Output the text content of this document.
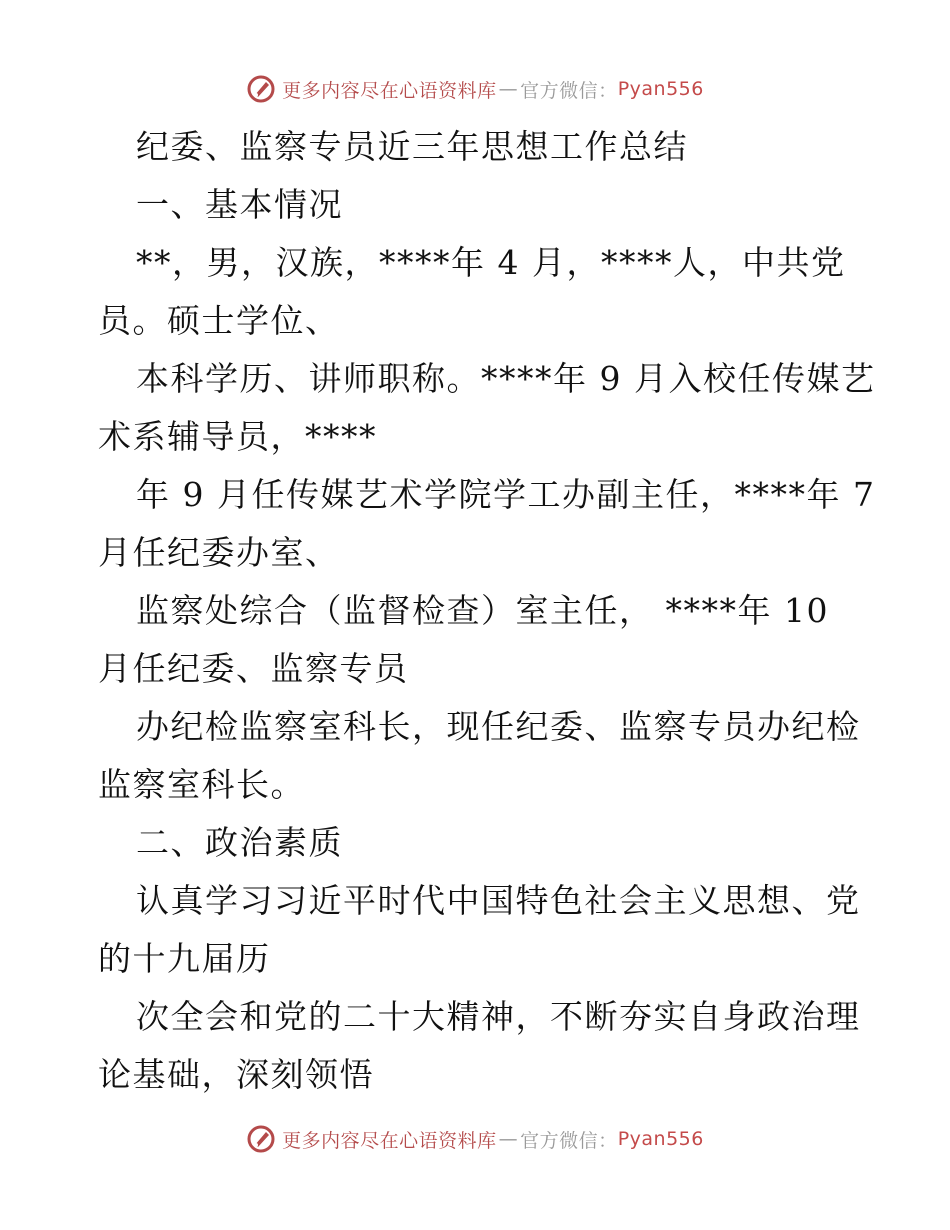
更多内容尽在心语资料库 — 官方微信： Pyan556
纪委、监察专员近三年思想工作总结
一、基本情况
**，男，汉族，****年 4 月，****人，中共党
员。硕士学位、
本科学历、讲师职称。****年 9 月入校任传媒艺
术系辅导员，****
年 9 月任传媒艺术学院学工办副主任，****年 7
月任纪委办室、
监察处综合（监督检查）室主任， ****年 10
月任纪委、监察专员
办纪检监察室科长，现任纪委、监察专员办纪检
监察室科长。
二、政治素质
认真学习习近平时代中国特色社会主义思想、党
的十九届历
次全会和党的二十大精神，不断夯实自身政治理
论基础，深刻领悟
更多内容尽在心语资料库 — 官方微信： Pyan556
